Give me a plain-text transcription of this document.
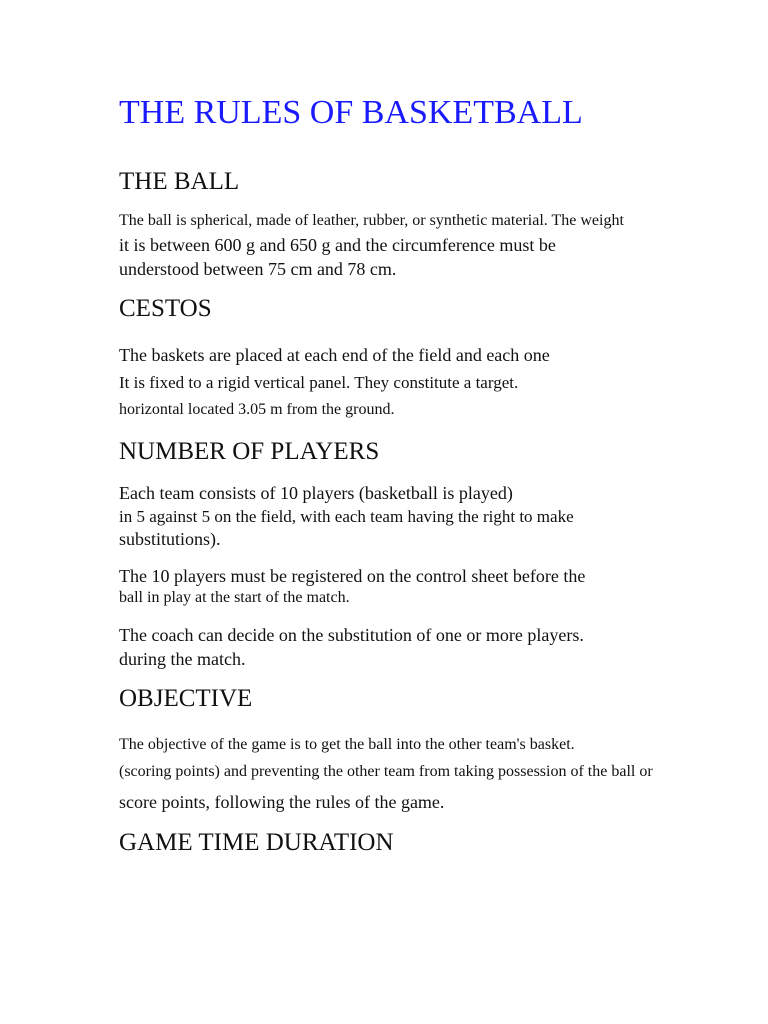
THE RULES OF BASKETBALL
THE BALL

The ball is spherical, made of leather, rubber, or synthetic material. The weight

it is between 600 g and 650 g and the circumference must be

understood between 75 cm and 78 cm.

CESTOS

The baskets are placed at each end of the field and each one

It is fixed to a rigid vertical panel. They constitute a target.

horizontal located 3.05 m from the ground.

NUMBER OF PLAYERS

Each team consists of 10 players (basketball is played)

in 5 against 5 on the field, with each team having the right to make

substitutions).

The 10 players must be registered on the control sheet before the

ball in play at the start of the match.

The coach can decide on the substitution of one or more players.

during the match.

OBJECTIVE

The objective of the game is to get the ball into the other team's basket.

(scoring points) and preventing the other team from taking possession of the ball or

score points, following the rules of the game.

GAME TIME DURATION
